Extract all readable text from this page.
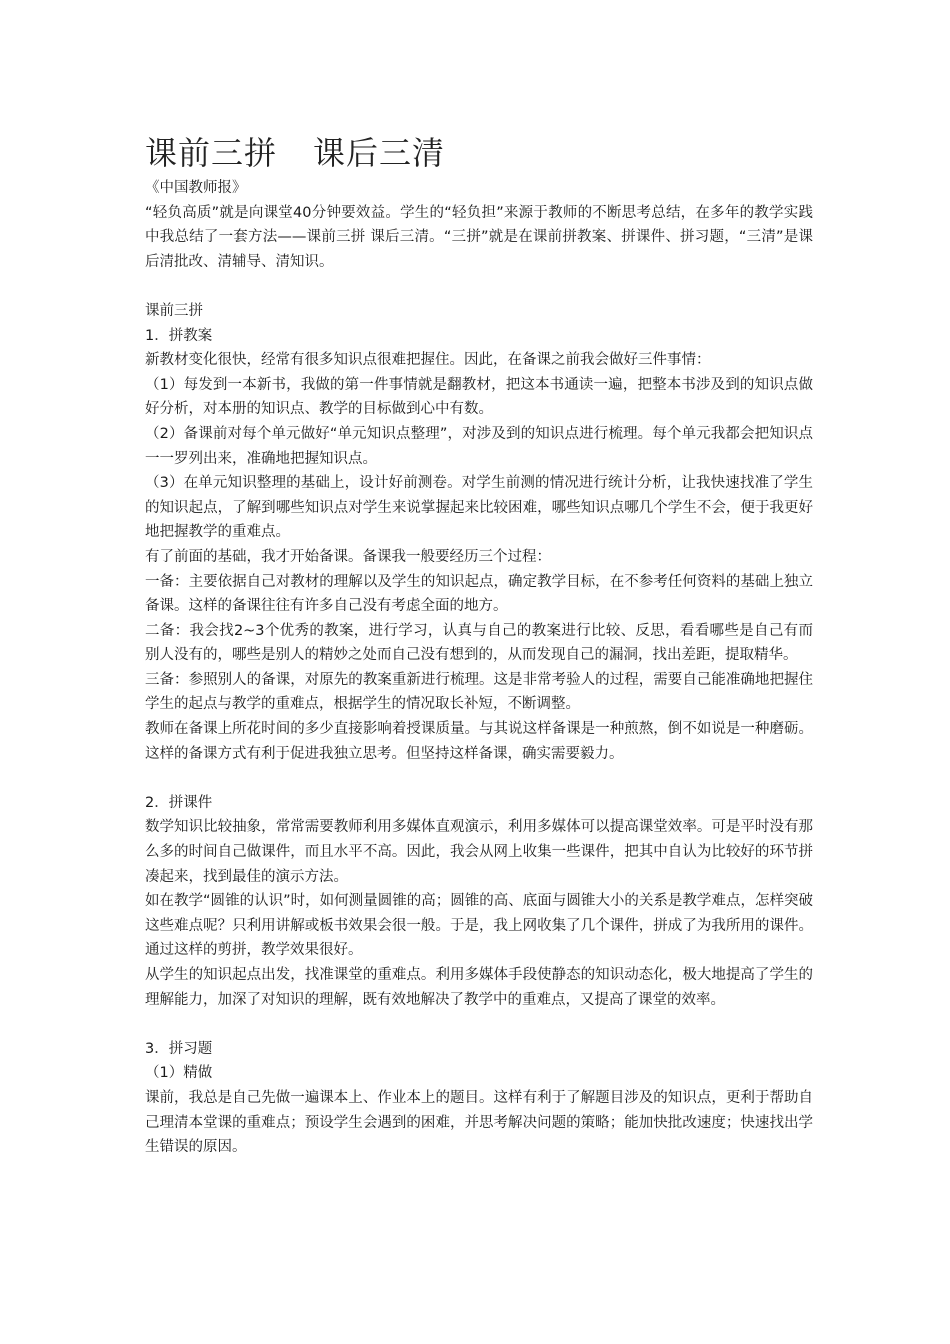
课前三拼 课后三清

《中国教师报》

“轻负高质”就是向课堂40分钟要效益。学生的“轻负担”来源于教师的不断思考总结，在多年的教学实践中我总结了一套方法——课前三拼 课后三清。“三拼”就是在课前拼教案、拼课件、拼习题，“三清”是课后清批改、清辅导、清知识。

课前三拼

1．拼教案

新教材变化很快，经常有很多知识点很难把握住。因此，在备课之前我会做好三件事情：

（1）每发到一本新书，我做的第一件事情就是翻教材，把这本书通读一遍，把整本书涉及到的知识点做好分析，对本册的知识点、教学的目标做到心中有数。

（2）备课前对每个单元做好“单元知识点整理”，对涉及到的知识点进行梳理。每个单元我都会把知识点一一罗列出来，准确地把握知识点。

（3）在单元知识整理的基础上，设计好前测卷。对学生前测的情况进行统计分析，让我快速找准了学生的知识起点，了解到哪些知识点对学生来说掌握起来比较困难，哪些知识点哪几个学生不会，便于我更好地把握教学的重难点。

有了前面的基础，我才开始备课。备课我一般要经历三个过程：

一备：主要依据自己对教材的理解以及学生的知识起点，确定教学目标，在不参考任何资料的基础上独立备课。这样的备课往往有许多自己没有考虑全面的地方。

二备：我会找2~3个优秀的教案，进行学习，认真与自己的教案进行比较、反思，看看哪些是自己有而别人没有的，哪些是别人的精妙之处而自己没有想到的，从而发现自己的漏洞，找出差距，提取精华。

三备：参照别人的备课，对原先的教案重新进行梳理。这是非常考验人的过程，需要自己能准确地把握住学生的起点与教学的重难点，根据学生的情况取长补短，不断调整。

教师在备课上所花时间的多少直接影响着授课质量。与其说这样备课是一种煎熬，倒不如说是一种磨砺。这样的备课方式有利于促进我独立思考。但坚持这样备课，确实需要毅力。

2．拼课件

数学知识比较抽象，常常需要教师利用多媒体直观演示，利用多媒体可以提高课堂效率。可是平时没有那么多的时间自己做课件，而且水平不高。因此，我会从网上收集一些课件，把其中自认为比较好的环节拼凑起来，找到最佳的演示方法。

如在教学“圆锥的认识”时，如何测量圆锥的高；圆锥的高、底面与圆锥大小的关系是教学难点，怎样突破这些难点呢？只利用讲解或板书效果会很一般。于是，我上网收集了几个课件，拼成了为我所用的课件。通过这样的剪拼，教学效果很好。

从学生的知识起点出发，找准课堂的重难点。利用多媒体手段使静态的知识动态化，极大地提高了学生的理解能力，加深了对知识的理解，既有效地解决了教学中的重难点，又提高了课堂的效率。

3．拼习题

（1）精做

课前，我总是自己先做一遍课本上、作业本上的题目。这样有利于了解题目涉及的知识点，更利于帮助自己理清本堂课的重难点；预设学生会遇到的困难，并思考解决问题的策略；能加快批改速度；快速找出学生错误的原因。
